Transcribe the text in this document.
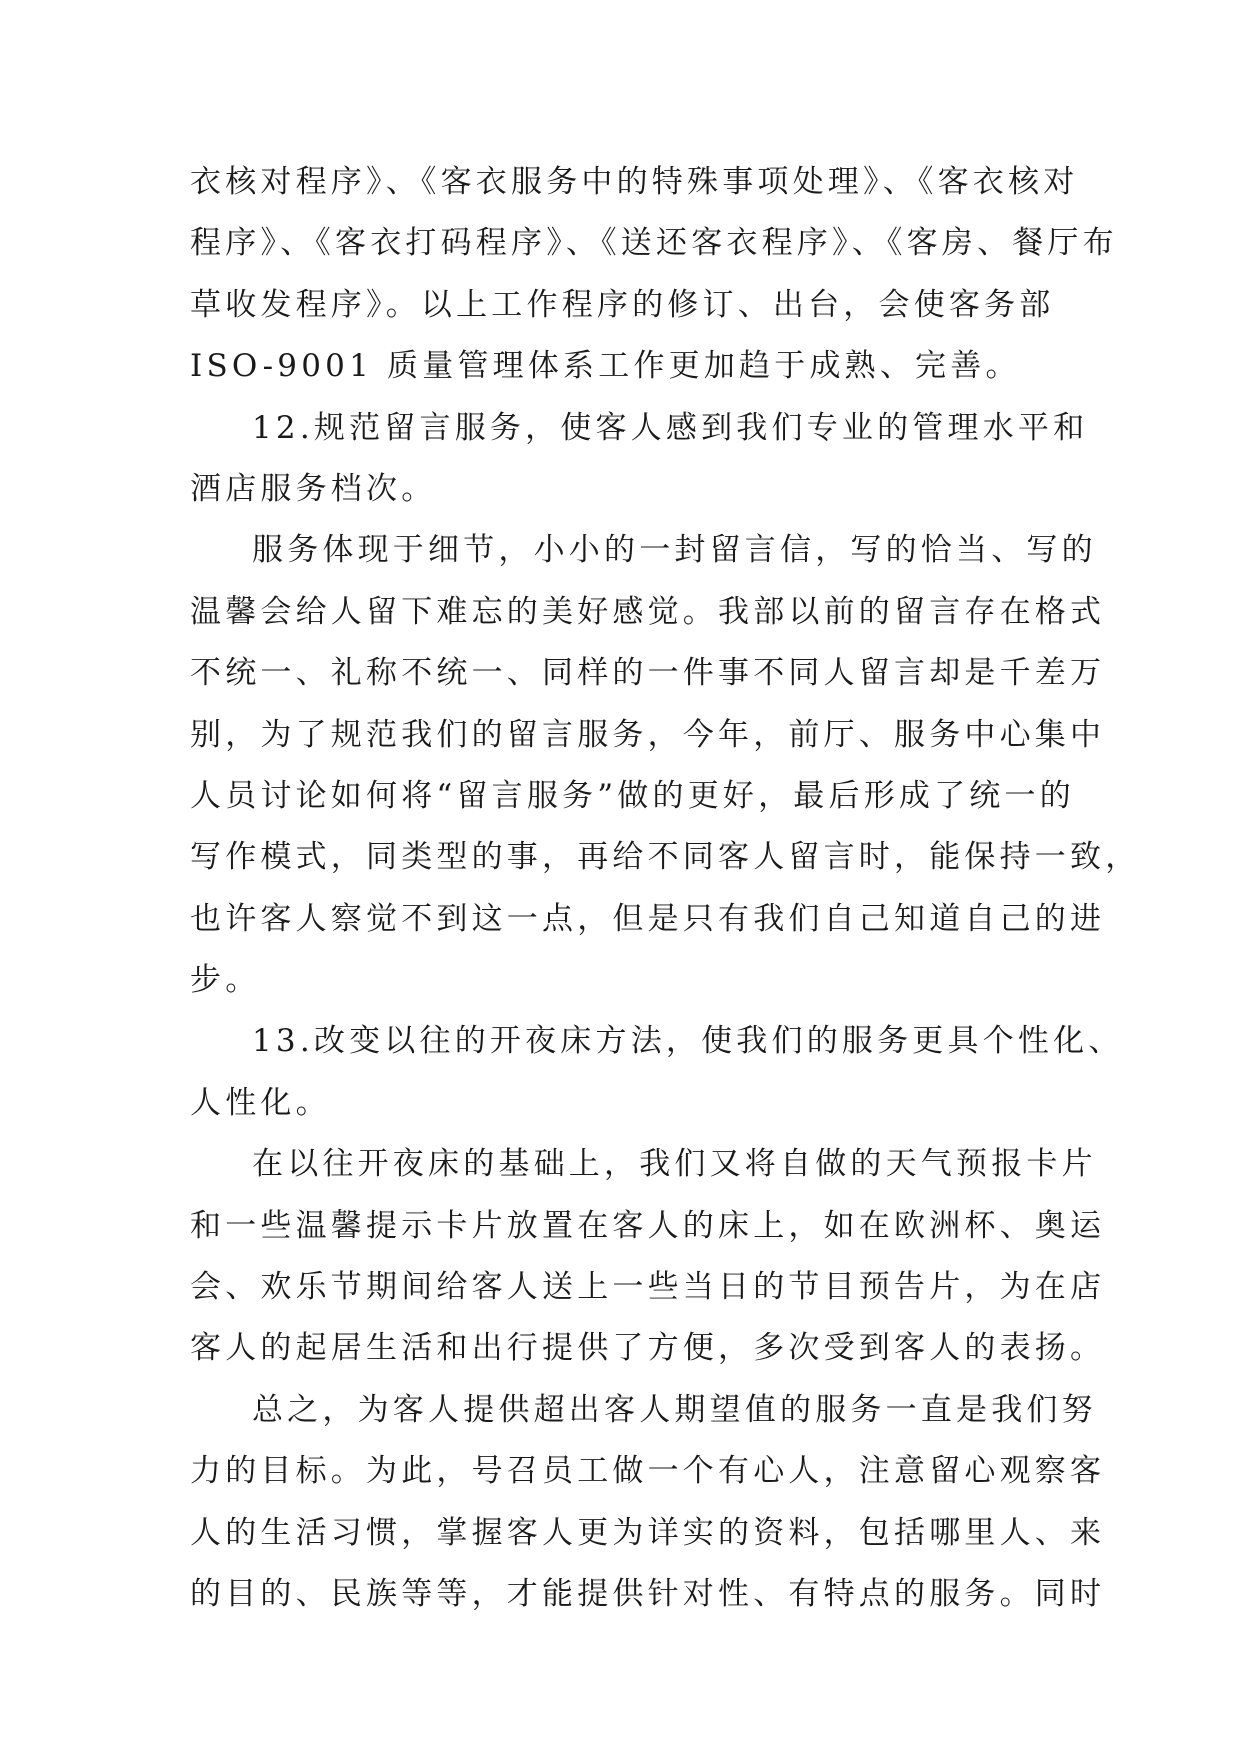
衣核对程序》、《客衣服务中的特殊事项处理》、《客衣核对

程序》、《客衣打码程序》、《送还客衣程序》、《客房、餐厅布

草收发程序》。以上工作程序的修订、出台，会使客务部

ISO-9001 质量管理体系工作更加趋于成熟、完善。

12.规范留言服务，使客人感到我们专业的管理水平和

酒店服务档次。

服务体现于细节，小小的一封留言信，写的恰当、写的

温馨会给人留下难忘的美好感觉。我部以前的留言存在格式

不统一、礼称不统一、同样的一件事不同人留言却是千差万

别，为了规范我们的留言服务，今年，前厅、服务中心集中

人员讨论如何将“留言服务”做的更好，最后形成了统一的

写作模式，同类型的事，再给不同客人留言时，能保持一致，

也许客人察觉不到这一点，但是只有我们自己知道自己的进

步。

13.改变以往的开夜床方法，使我们的服务更具个性化、

人性化。

在以往开夜床的基础上，我们又将自做的天气预报卡片

和一些温馨提示卡片放置在客人的床上，如在欧洲杯、奥运

会、欢乐节期间给客人送上一些当日的节目预告片，为在店

客人的起居生活和出行提供了方便，多次受到客人的表扬。

总之，为客人提供超出客人期望值的服务一直是我们努

力的目标。为此，号召员工做一个有心人，注意留心观察客

人的生活习惯，掌握客人更为详实的资料，包括哪里人、来

的目的、民族等等，才能提供针对性、有特点的服务。同时
